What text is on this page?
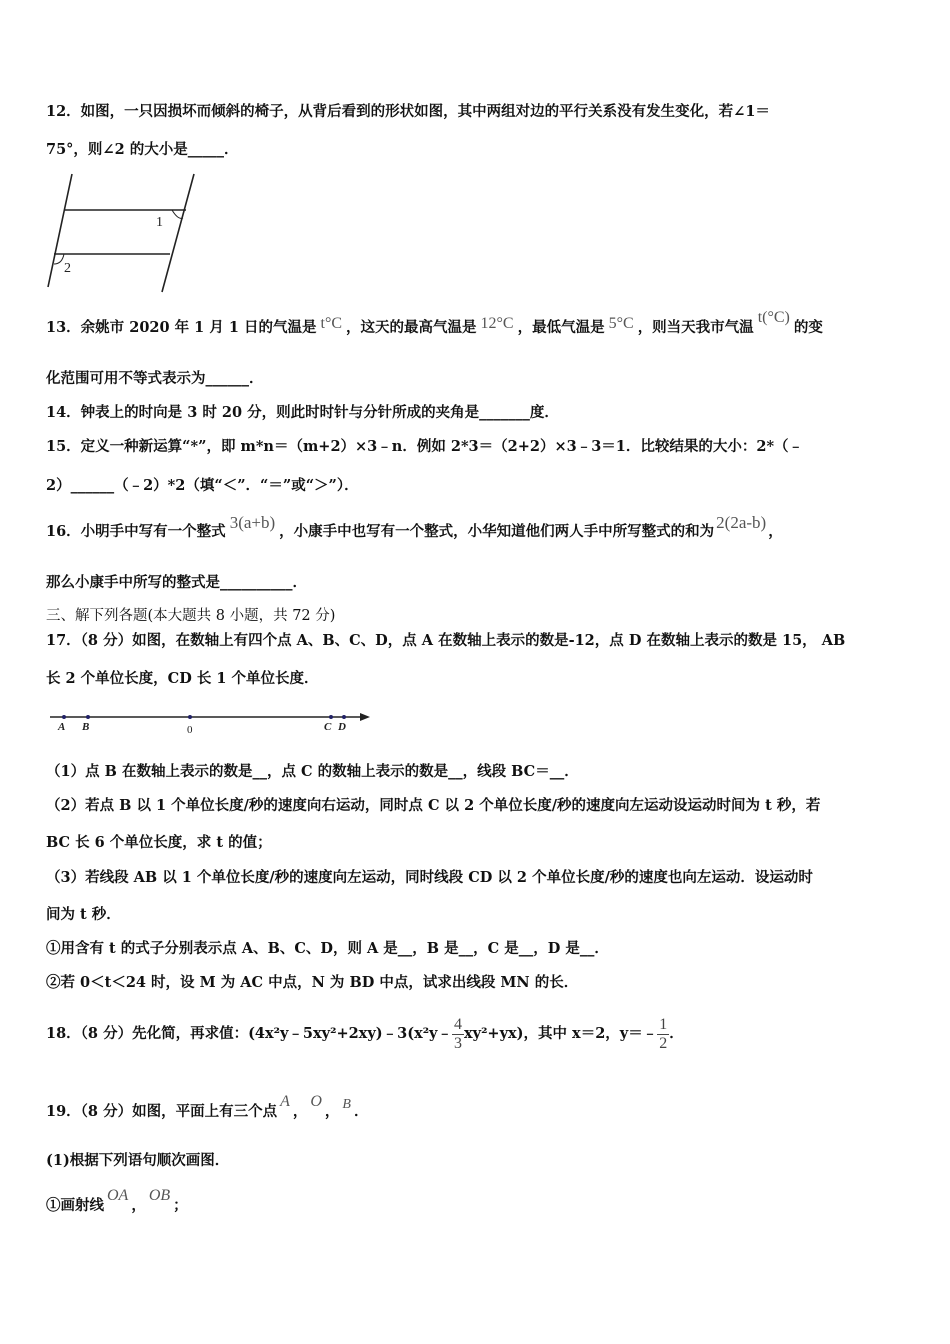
12．如图，一只因损坏而倾斜的椅子，从背后看到的形状如图，其中两组对边的平行关系没有发生变化，若∠1＝
75°，则∠2 的大小是_____．
1
2
13．余姚市 2020 年 1 月 1 日的气温是 t°C ，这天的最高气温是 12°C ，最低气温是 5°C ，则当天我市气温t(°C)的变
化范围可用不等式表示为______．
14．钟表上的时向是 3 时 20 分，则此时时针与分针所成的夹角是_______度．
15．定义一种新运算“*”，即 m*n＝（m+2）×3﹣n．例如 2*3＝（2+2）×3﹣3＝1．比较结果的大小：2*（﹣
2）______（﹣2）*2（填“＜”．“＝”或“＞”）．
16．小明手中写有一个整式 3(a+b) ，小康手中也写有一个整式，小华知道他们两人手中所写整式的和为 2(2a-b) ，
那么小康手中所写的整式是__________．
三、解下列各题(本大题共 8 小题，共 72 分)
17．（8 分）如图，在数轴上有四个点 A、B、C、D，点 A 在数轴上表示的数是-12，点 D 在数轴上表示的数是 15， AB
长 2 个单位长度，CD 长 1 个单位长度．
A B	0	C D
（1）点 B 在数轴上表示的数是__，点 C 的数轴上表示的数是__，线段 BC＝__．
（2）若点 B 以 1 个单位长度/秒的速度向右运动，同时点 C 以 2 个单位长度/秒的速度向左运动设运动时间为 t 秒，若
BC 长 6 个单位长度，求 t 的值；
（3）若线段 AB 以 1 个单位长度/秒的速度向左运动，同时线段 CD 以 2 个单位长度/秒的速度也向左运动．设运动时
间为 t 秒．
①用含有 t 的式子分别表示点 A、B、C、D，则 A 是__，B 是__，C 是__，D 是__．
②若 0＜t＜24 时，设 M 为 AC 中点，N 为 BD 中点，试求出线段 MN 的长．
18．（8 分）先化简，再求值：(4x²y﹣5xy²+2xy)﹣3(x²y﹣ $\frac{4}{3} xy^2+yx$)，其中 x＝2，y＝﹣ $\frac{1}{2}$ ．
19．（8 分）如图，平面上有三个点A，O， B ．
(1)根据下列语句顺次画图．
①画射线OA，OB；
